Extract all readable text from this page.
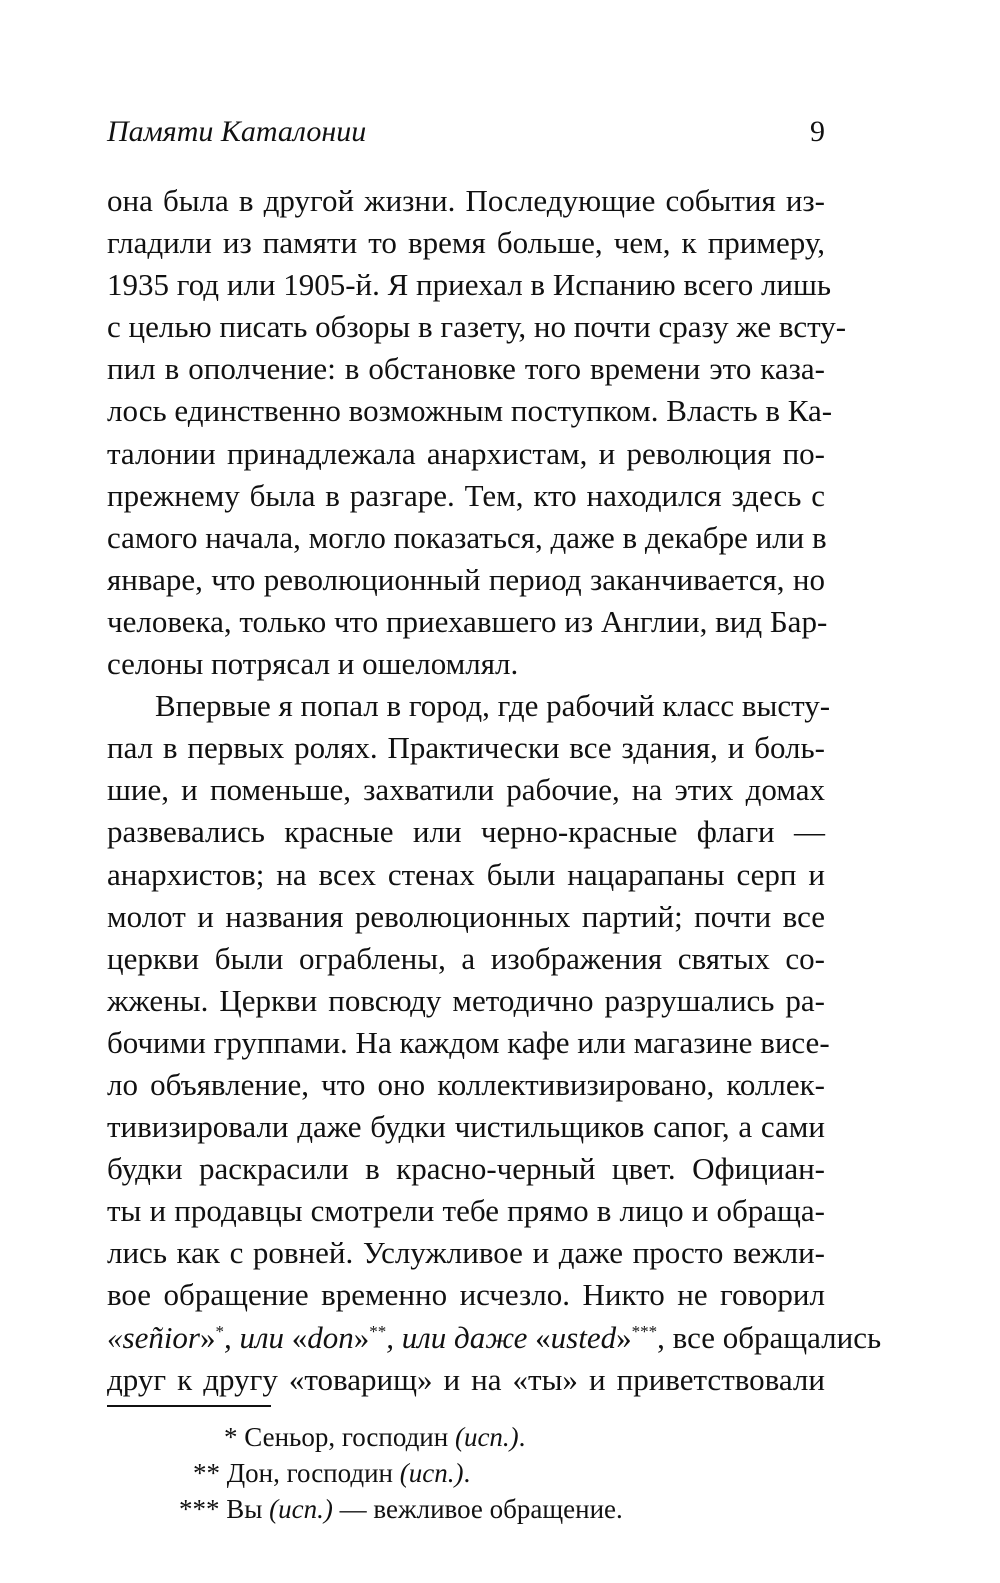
Памяти Каталонии	9
она была в другой жизни. Последующие события из-
гладили из памяти то время больше, чем, к примеру,
1935 год или 1905-й. Я приехал в Испанию всего лишь
с целью писать обзоры в газету, но почти сразу же всту-
пил в ополчение: в обстановке того времени это каза-
лось единственно возможным поступком. Власть в Ка-
талонии принадлежала анархистам, и революция по-
прежнему была в разгаре. Тем, кто находился здесь с
самого начала, могло показаться, даже в декабре или в
январе, что революционный период заканчивается, но
человека, только что приехавшего из Англии, вид Бар-
селоны потрясал и ошеломлял.
Впервые я попал в город, где рабочий класс высту-
пал в первых ролях. Практически все здания, и боль-
шие, и поменьше, захватили рабочие, на этих домах
развевались красные или черно-красные флаги —
анархистов; на всех стенах были нацарапаны серп и
молот и названия революционных партий; почти все
церкви были ограблены, а изображения святых со-
жжены. Церкви повсюду методично разрушались ра-
бочими группами. На каждом кафе или магазине висе-
ло объявление, что оно коллективизировано, коллек-
тивизировали даже будки чистильщиков сапог, а сами
будки раскрасили в красно-черный цвет. Официан-
ты и продавцы смотрели тебе прямо в лицо и обраща-
лись как с ровней. Услужливое и даже просто вежли-
вое обращение временно исчезло. Никто не говорил
«señior»*, или «don»**, или даже «usted»***, все обращались
друг к другу «товарищ» и на «ты» и приветствовали
* Сеньор, господин (исп.).
** Дон, господин (исп.).
*** Вы (исп.) — вежливое обращение.
